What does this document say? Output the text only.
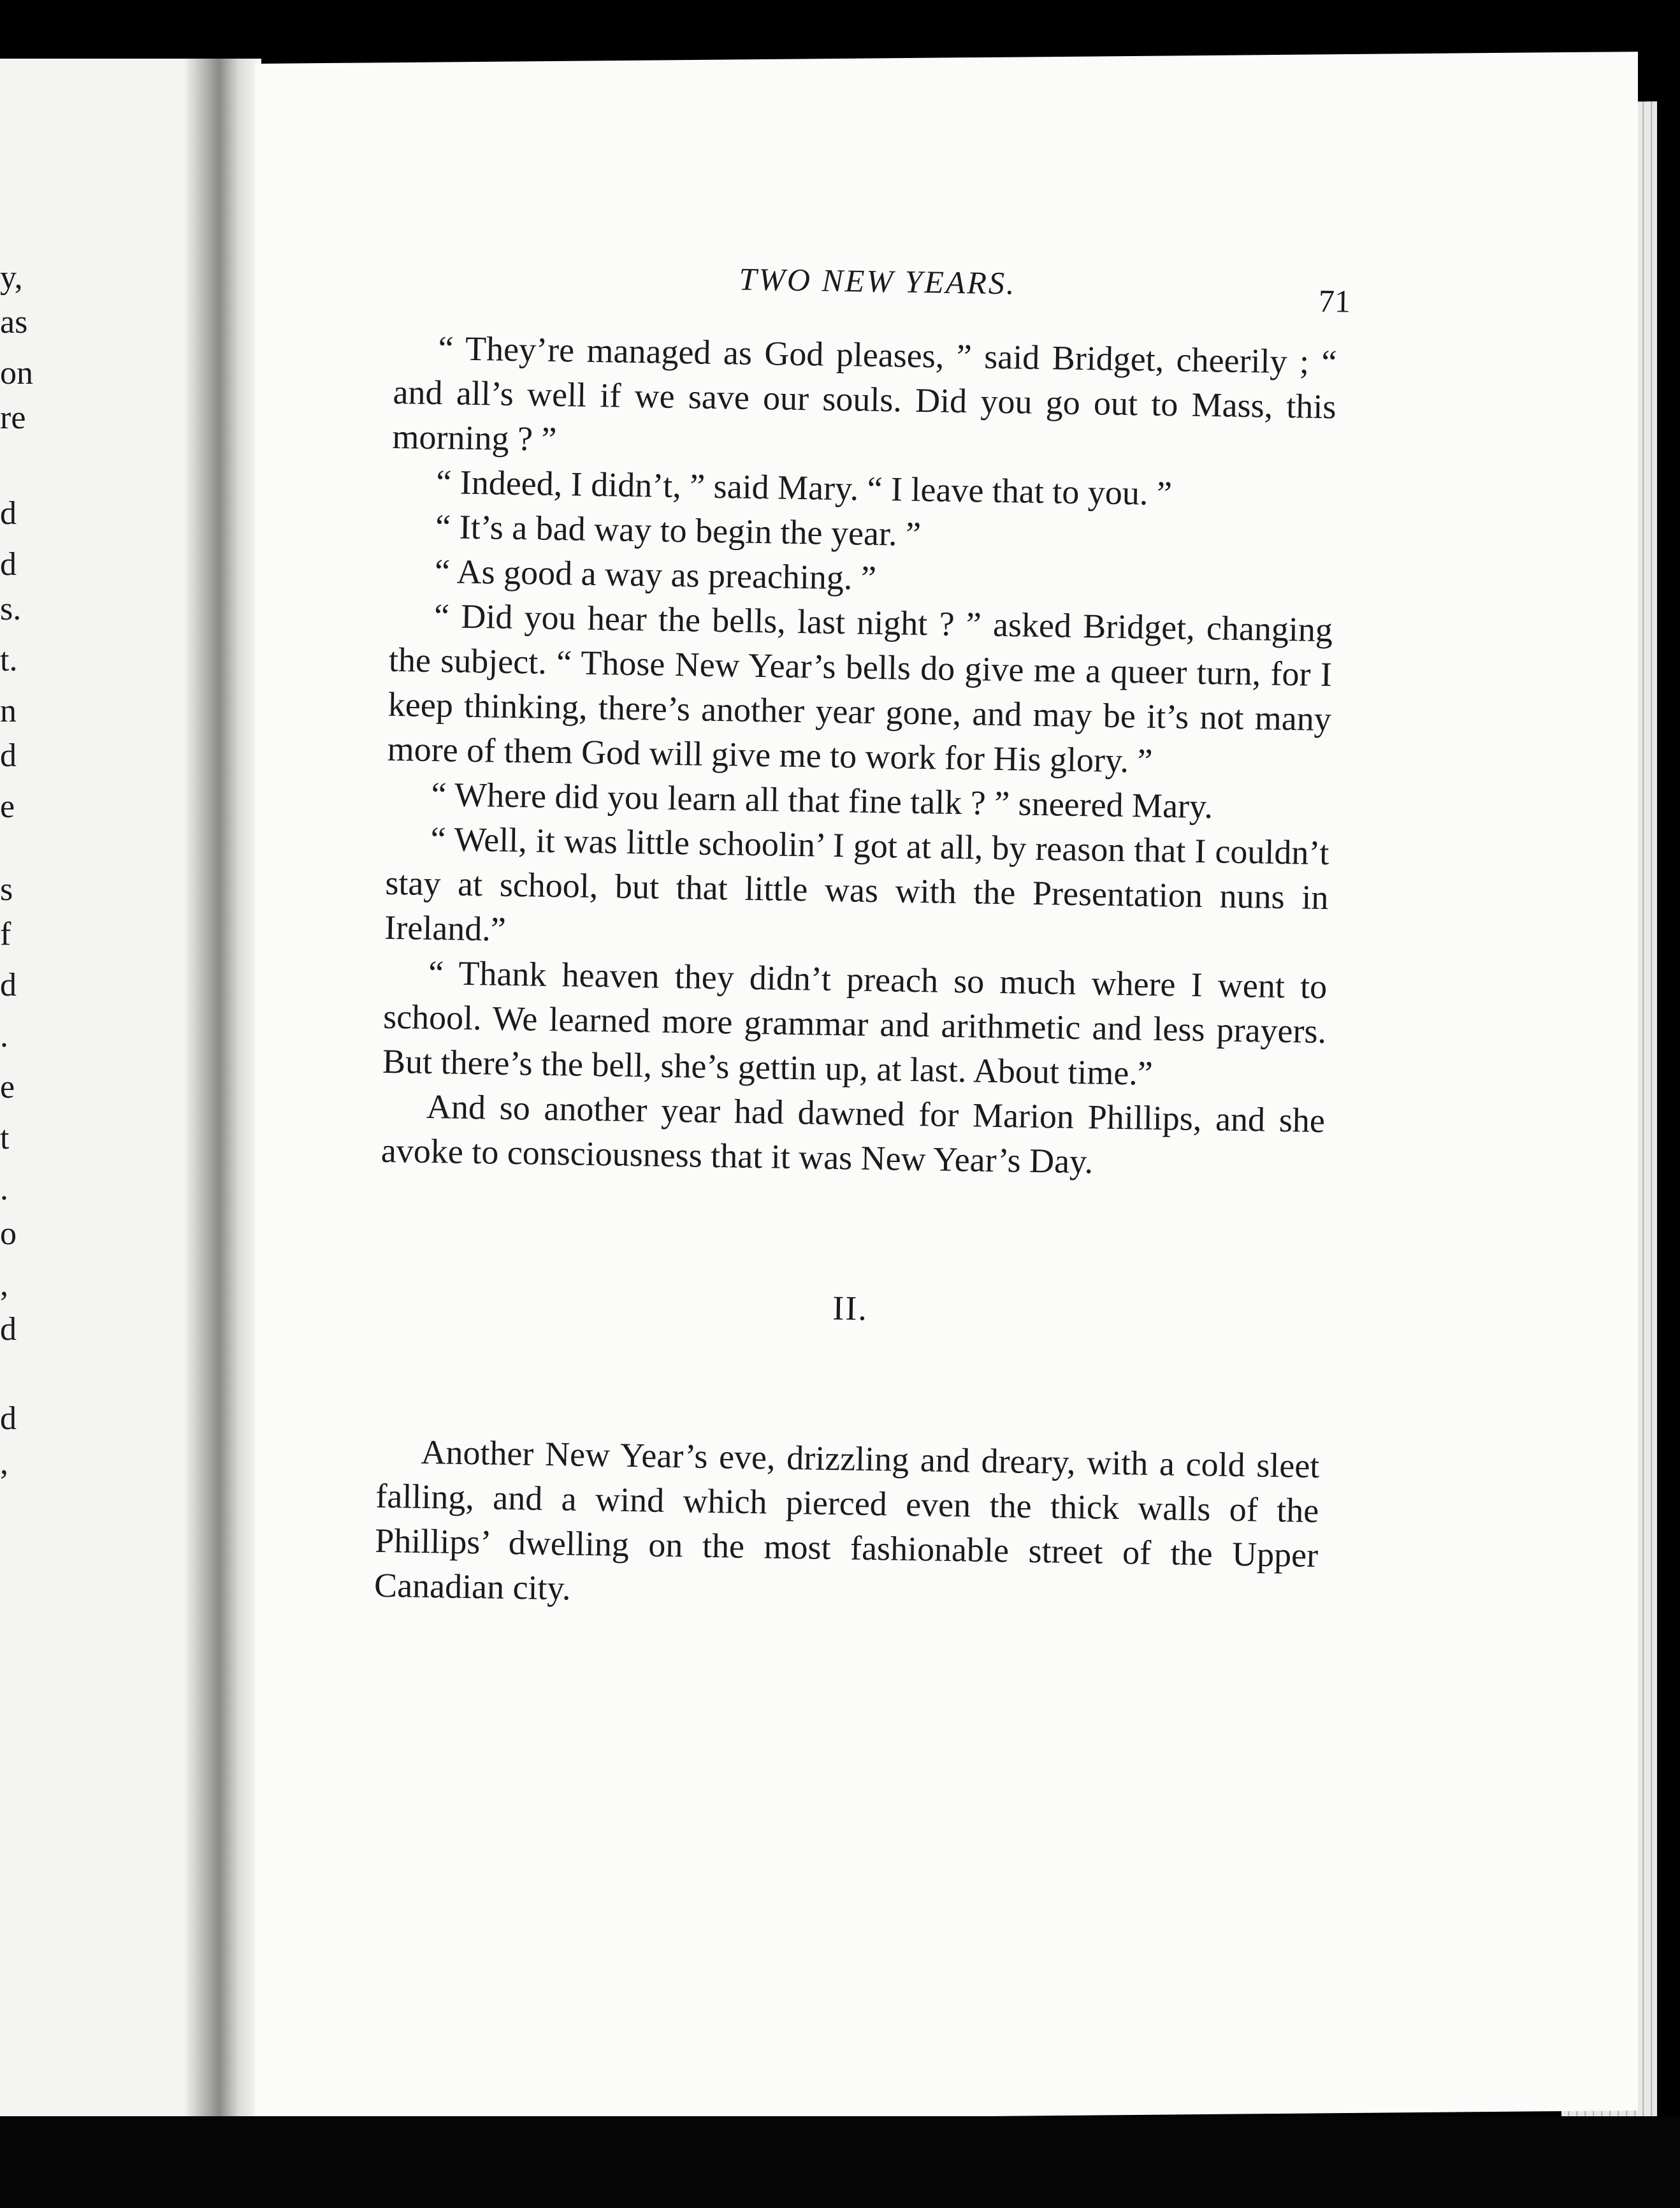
y,
as
on
re
d
d
s.
t.
n
d
e
s
f
d
.
e
t
.
o
,
d
d
,
TWO NEW YEARS.	71

“ They’re managed as God pleases, ” said Bridget, cheerily ; “ and all’s well if we save our souls. Did you go out to Mass, this morning ? ”

“ Indeed, I didn’t, ” said Mary. “ I leave that to you. ”

“ It’s a bad way to begin the year. ”

“ As good a way as preaching. ”

“ Did you hear the bells, last night ? ” asked Bridget, changing the subject. “ Those New Year’s bells do give me a queer turn, for I keep thinking, there’s another year gone, and may be it’s not many more of them God will give me to work for His glory. ”

“ Where did you learn all that fine talk ? ” sneered Mary.

“ Well, it was little schoolin’ I got at all, by reason that I couldn’t stay at school, but that little was with the Presentation nuns in Ireland.”

“ Thank heaven they didn’t preach so much where I went to school. We learned more grammar and arithmetic and less prayers. But there’s the bell, she’s gettin up, at last. About time.”

And so another year had dawned for Marion Phillips, and she avoke to consciousness that it was New Year’s Day.

II.

Another New Year’s eve, drizzling and dreary, with a cold sleet falling, and a wind which pierced even the thick walls of the Phillips’ dwelling on the most fashionable street of the Upper Canadian city.
